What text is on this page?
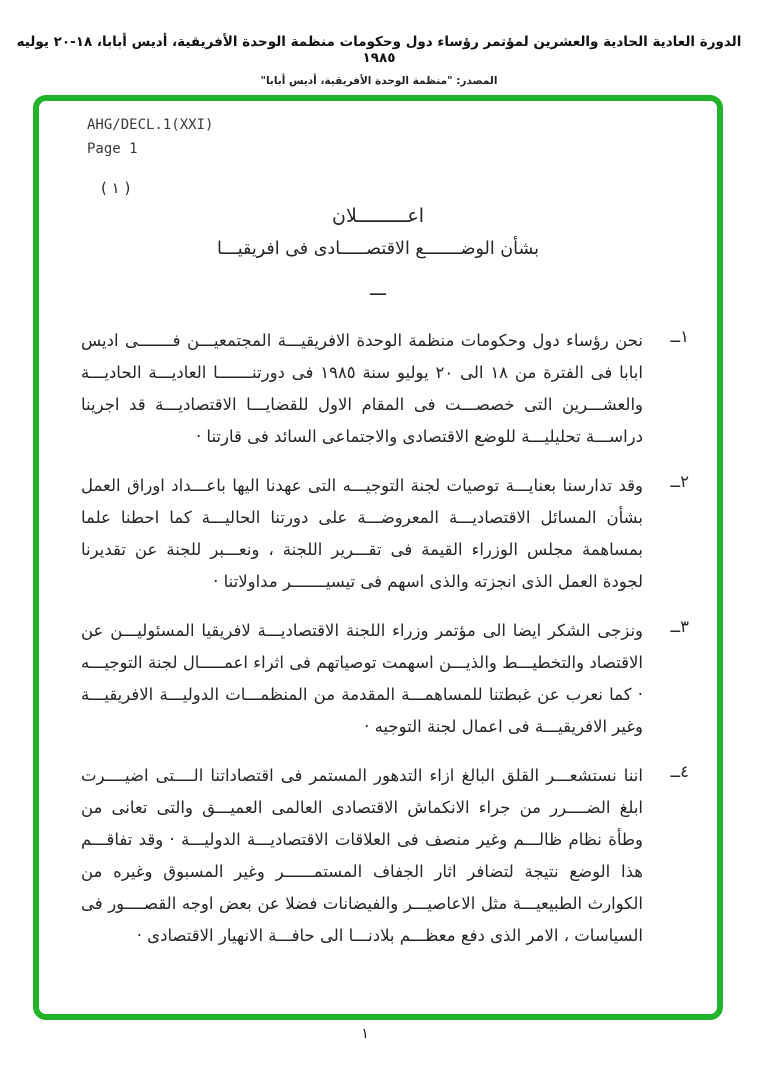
الدورة العادية الحادية والعشرين لمؤتمر رؤساء دول وحكومات منظمة الوحدة الأفريقية، أديس أبابا، ١٨-٢٠ يوليه ١٩٨٥
المصدر: "منظمة الوحدة الأفريقية، أديس أبابا"
AHG/DECL.1(XXI)
Page 1
( ١ )
اعـــــــــلان
بشأن الوضـــــــع الاقتصـــــادى فى افريقيـــا
ـــ
١ــ
نحن رؤساء دول وحكومات منظمة الوحدة الافريقيـــة المجتمعيـــن فـــــــى اديس ابابا فى الفترة من ١٨ الى ٢٠ يوليو سنة ١٩٨٥ فى دورتنـــــــا العاديـــة الحاديـــة والعشـــرين التى خصصـــت فى المقام الاول للقضايـــا الاقتصاديـــة قد اجرينا دراســـة تحليليـــة للوضع الاقتصادى والاجتماعى السائد فى قارتنا ·
٢ــ
وقد تدارسنا بعنايـــة توصيات لجنة التوجيـــه التى عهدنا اليها باعـــداد اوراق العمل بشأن المسائل الاقتصاديـــة المعروضـــة على دورتنا الحاليـــة كما احطنا علما بمساهمة مجلس الوزراء القيمة فى تقـــرير اللجنة ، ونعـــبر للجنة عن تقديرنا لجودة العمل الذى انجزته والذى اسهم فى تيسيـــــــر مداولاتنا ·
٣ــ
ونزجى الشكر ايضا الى مؤتمر وزراء اللجنة الاقتصاديـــة لافريقيا المسئوليـــن عن الاقتصاد والتخطيـــط والذيـــن اسهمت توصياتهم فى اثراء اعمـــــال لجنة التوجيـــه · كما نعرب عن غبطتنا للمساهمـــة المقدمة من المنظمـــات الدوليـــة الافريقيـــة وغير الافريقيـــة فى اعمال لجنة التوجيه ·
٤ــ
اننا نستشعـــر القلق البالغ ازاء التدهور المستمر فى اقتصاداتنا الــــتى اضيــــرت ابلغ الضــــرر من جراء الانكماش الاقتصادى العالمى العميـــق والتى تعانى من وطأة نظام ظالـــم وغير منصف فى العلاقات الاقتصاديـــة الدوليـــة · وقد تفاقـــم هذا الوضع نتيجة لتضافر اثار الجفاف المستمــــــر وغير المسبوق وغيره من الكوارث الطبيعيـــة مثل الاعاصيـــر والفيضانات فضلا عن بعض اوجه القصــــور فى السياسات ، الامر الذى دفع معظـــم بلادنـــا الى حافـــة الانهيار الاقتصادى ·
١
